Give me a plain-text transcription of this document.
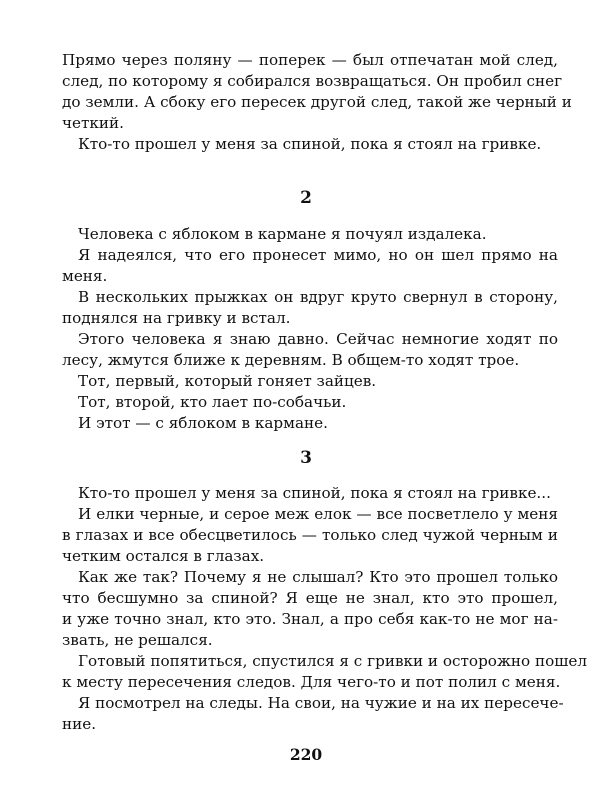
Прямо через поляну — поперек — был отпечатан мой след,
след, по которому я собирался возвращаться. Он пробил снег
до земли. А сбоку его пересек другой след, такой же черный и
четкий.
Кто-то прошел у меня за спиной, пока я стоял на гривке.
2
Человека с яблоком в кармане я почуял издалека.
Я надеялся, что его пронесет мимо, но он шел прямо на
меня.
В нескольких прыжках он вдруг круто свернул в сторону,
поднялся на гривку и встал.
Этого человека я знаю давно. Сейчас немногие ходят по
лесу, жмутся ближе к деревням. В общем-то ходят трое.
Тот, первый, который гоняет зайцев.
Тот, второй, кто лает по-собачьи.
И этот — с яблоком в кармане.
3
Кто-то прошел у меня за спиной, пока я стоял на гривке...
И елки черные, и серое меж елок — все посветлело у меня
в глазах и все обесцветилось — только след чужой черным и
четким остался в глазах.
Как же так? Почему я не слышал? Кто это прошел только
что бесшумно за спиной? Я еще не знал, кто это прошел,
и уже точно знал, кто это. Знал, а про себя как-то не мог на-
звать, не решался.
Готовый попятиться, спустился я с гривки и осторожно пошел
к месту пересечения следов. Для чего-то и пот полил с меня.
Я посмотрел на следы. На свои, на чужие и на их пересече-
ние.
220
